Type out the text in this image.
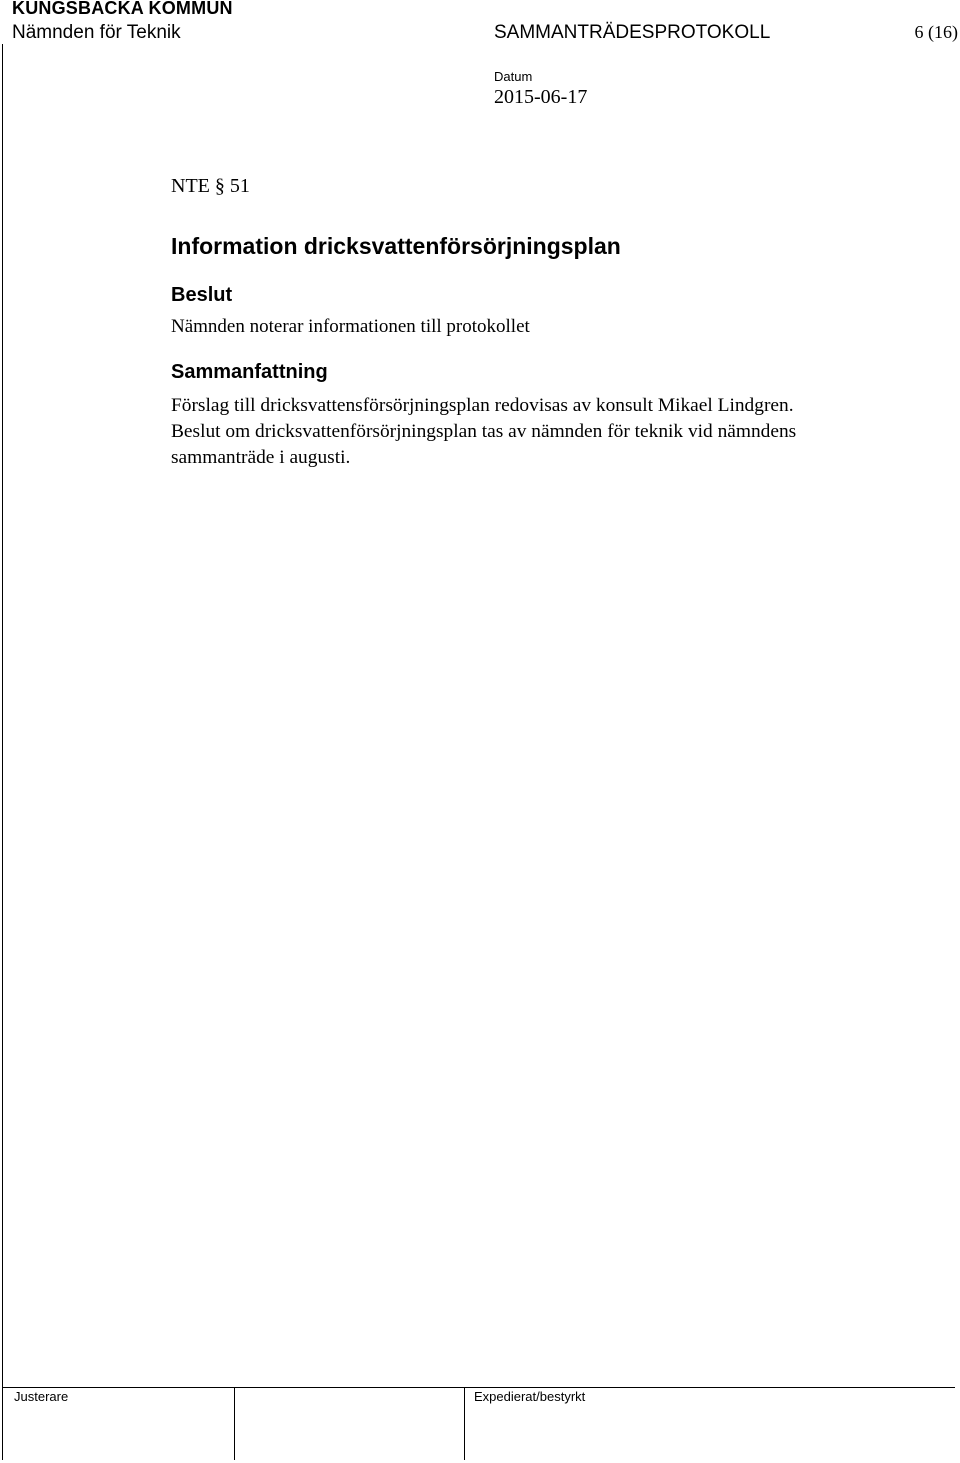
KUNGSBACKA KOMMUN
Nämnden för Teknik	SAMMANTRÄDESPROTOKOLL	6 (16)
Datum
2015-06-17
NTE § 51
Information dricksvattenförsörjningsplan
Beslut
Nämnden noterar informationen till protokollet
Sammanfattning

Förslag till dricksvattensförsörjningsplan redovisas av konsult Mikael Lindgren.

Beslut om dricksvattenförsörjningsplan tas av nämnden för teknik vid nämndens

sammanträde i augusti.

Justerare	Expedierat/bestyrkt
